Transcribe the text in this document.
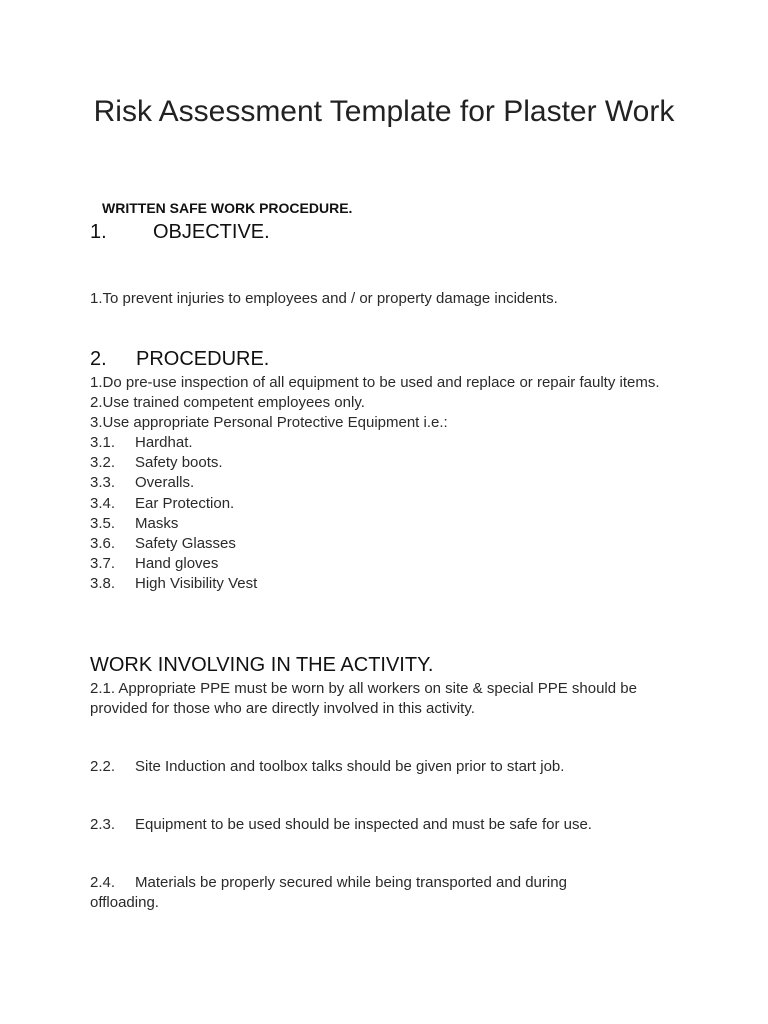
Risk Assessment Template for Plaster Work
WRITTEN SAFE WORK PROCEDURE.
1. OBJECTIVE.
1.To prevent injuries to employees and / or property damage incidents.
2. PROCEDURE.
1.Do pre-use inspection of all equipment to be used and replace or repair faulty items.
2.Use trained competent employees only.
3.Use appropriate Personal Protective Equipment i.e.:
3.1. Hardhat.
3.2. Safety boots.
3.3. Overalls.
3.4. Ear Protection.
3.5. Masks
3.6. Safety Glasses
3.7. Hand gloves
3.8. High Visibility Vest
WORK INVOLVING IN THE ACTIVITY.
2.1. Appropriate PPE must be worn by all workers on site & special PPE should be provided for those who are directly involved in this activity.
2.2. Site Induction and toolbox talks should be given prior to start job.
2.3. Equipment to be used should be inspected and must be safe for use.
2.4. Materials be properly secured while being transported and during offloading.
